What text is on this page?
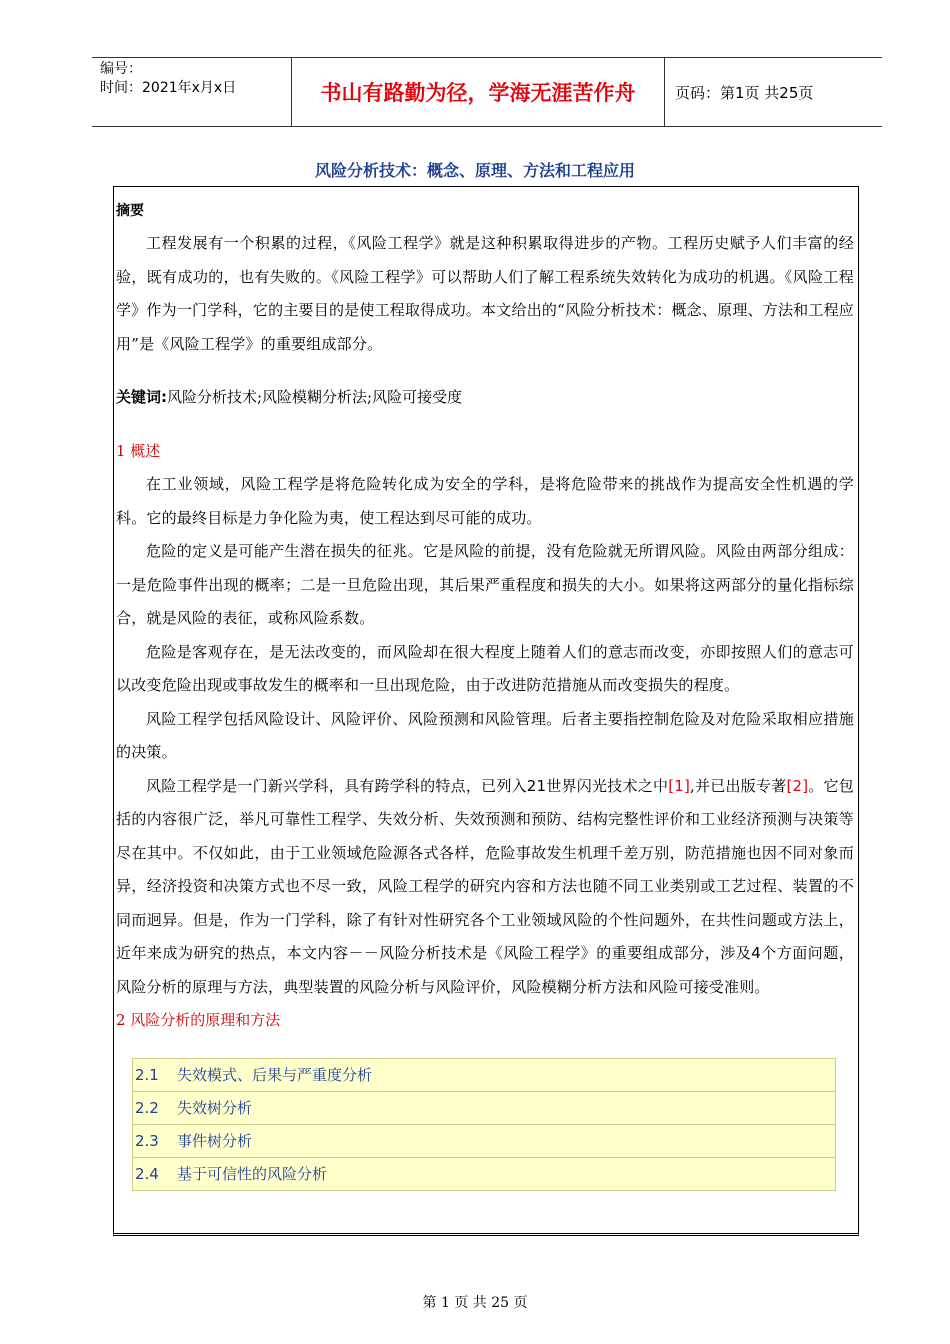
编号：
时间：2021年x月x日	书山有路勤为径，学海无涯苦作舟	页码：第1页 共25页
风险分析技术：概念、原理、方法和工程应用
摘要

工程发展有一个积累的过程，《风险工程学》就是这种积累取得进步的产物。工程历史赋予人们丰富的经验，既有成功的，也有失败的。《风险工程学》可以帮助人们了解工程系统失效转化为成功的机遇。《风险工程学》作为一门学科，它的主要目的是使工程取得成功。本文给出的“风险分析技术：概念、原理、方法和工程应用”是《风险工程学》的重要组成部分。

关键词:风险分析技术;风险模糊分析法;风险可接受度
1 概述

在工业领域，风险工程学是将危险转化成为安全的学科，是将危险带来的挑战作为提高安全性机遇的学科。它的最终目标是力争化险为夷，使工程达到尽可能的成功。

危险的定义是可能产生潜在损失的征兆。它是风险的前提，没有危险就无所谓风险。风险由两部分组成：一是危险事件出现的概率；二是一旦危险出现，其后果严重程度和损失的大小。如果将这两部分的量化指标综合，就是风险的表征，或称风险系数。

危险是客观存在，是无法改变的，而风险却在很大程度上随着人们的意志而改变，亦即按照人们的意志可以改变危险出现或事故发生的概率和一旦出现危险，由于改进防范措施从而改变损失的程度。

风险工程学包括风险设计、风险评价、风险预测和风险管理。后者主要指控制危险及对危险采取相应措施的决策。

风险工程学是一门新兴学科，具有跨学科的特点，已列入21世界闪光技术之中[1],并已出版专著[2]。它包括的内容很广泛，举凡可靠性工程学、失效分析、失效预测和预防、结构完整性评价和工业经济预测与决策等尽在其中。不仅如此，由于工业领域危险源各式各样，危险事故发生机理千差万别，防范措施也因不同对象而异，经济投资和决策方式也不尽一致，风险工程学的研究内容和方法也随不同工业类别或工艺过程、装置的不同而迥异。但是，作为一门学科，除了有针对性研究各个工业领域风险的个性问题外，在共性问题或方法上，近年来成为研究的热点，本文内容－－风险分析技术是《风险工程学》的重要组成部分，涉及4个方面问题，风险分析的原理与方法，典型装置的风险分析与风险评价，风险模糊分析方法和风险可接受准则。

2 风险分析的原理和方法
2.1 失效模式、后果与严重度分析
2.2 失效树分析
2.3 事件树分析
2.4 基于可信性的风险分析
第 1 页 共 25 页
